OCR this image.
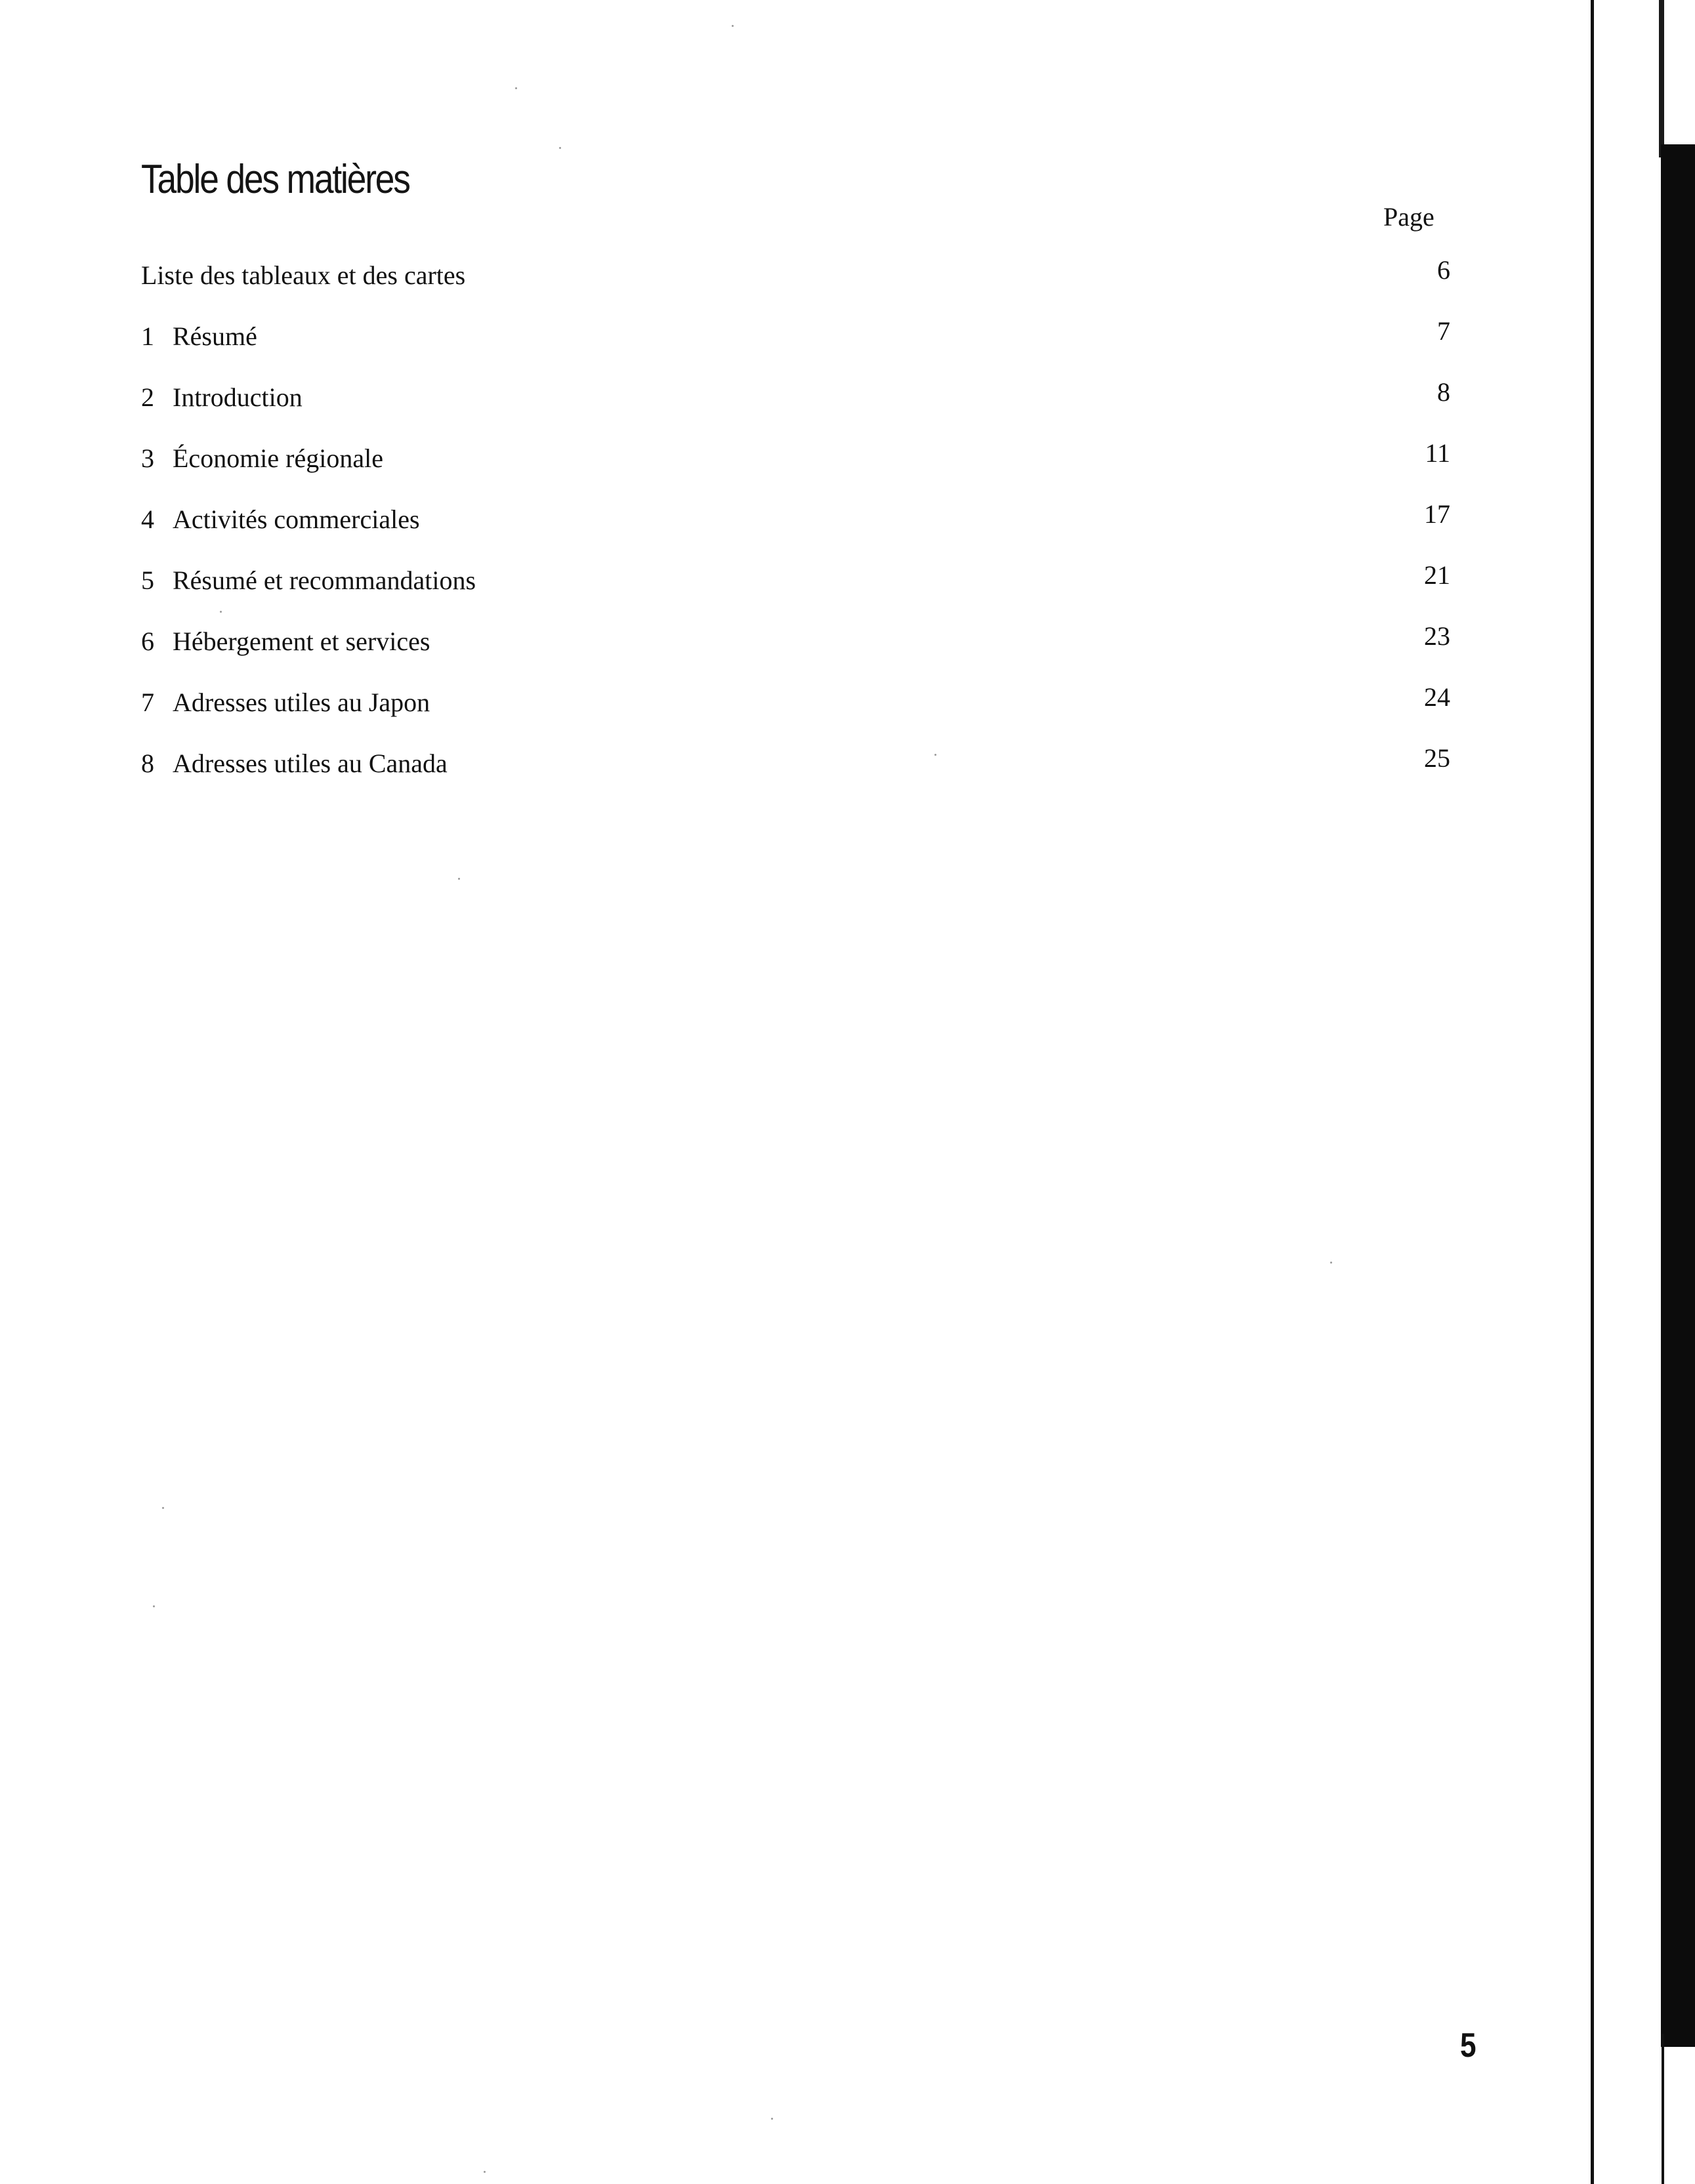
Table des matières
Page
Liste des tableaux et des cartes	6
1 Résumé	7
2 Introduction	8
3 Économie régionale	11
4 Activités commerciales	17
5 Résumé et recommandations	21
6 Hébergement et services	23
7 Adresses utiles au Japon	24
8 Adresses utiles au Canada	25
5
